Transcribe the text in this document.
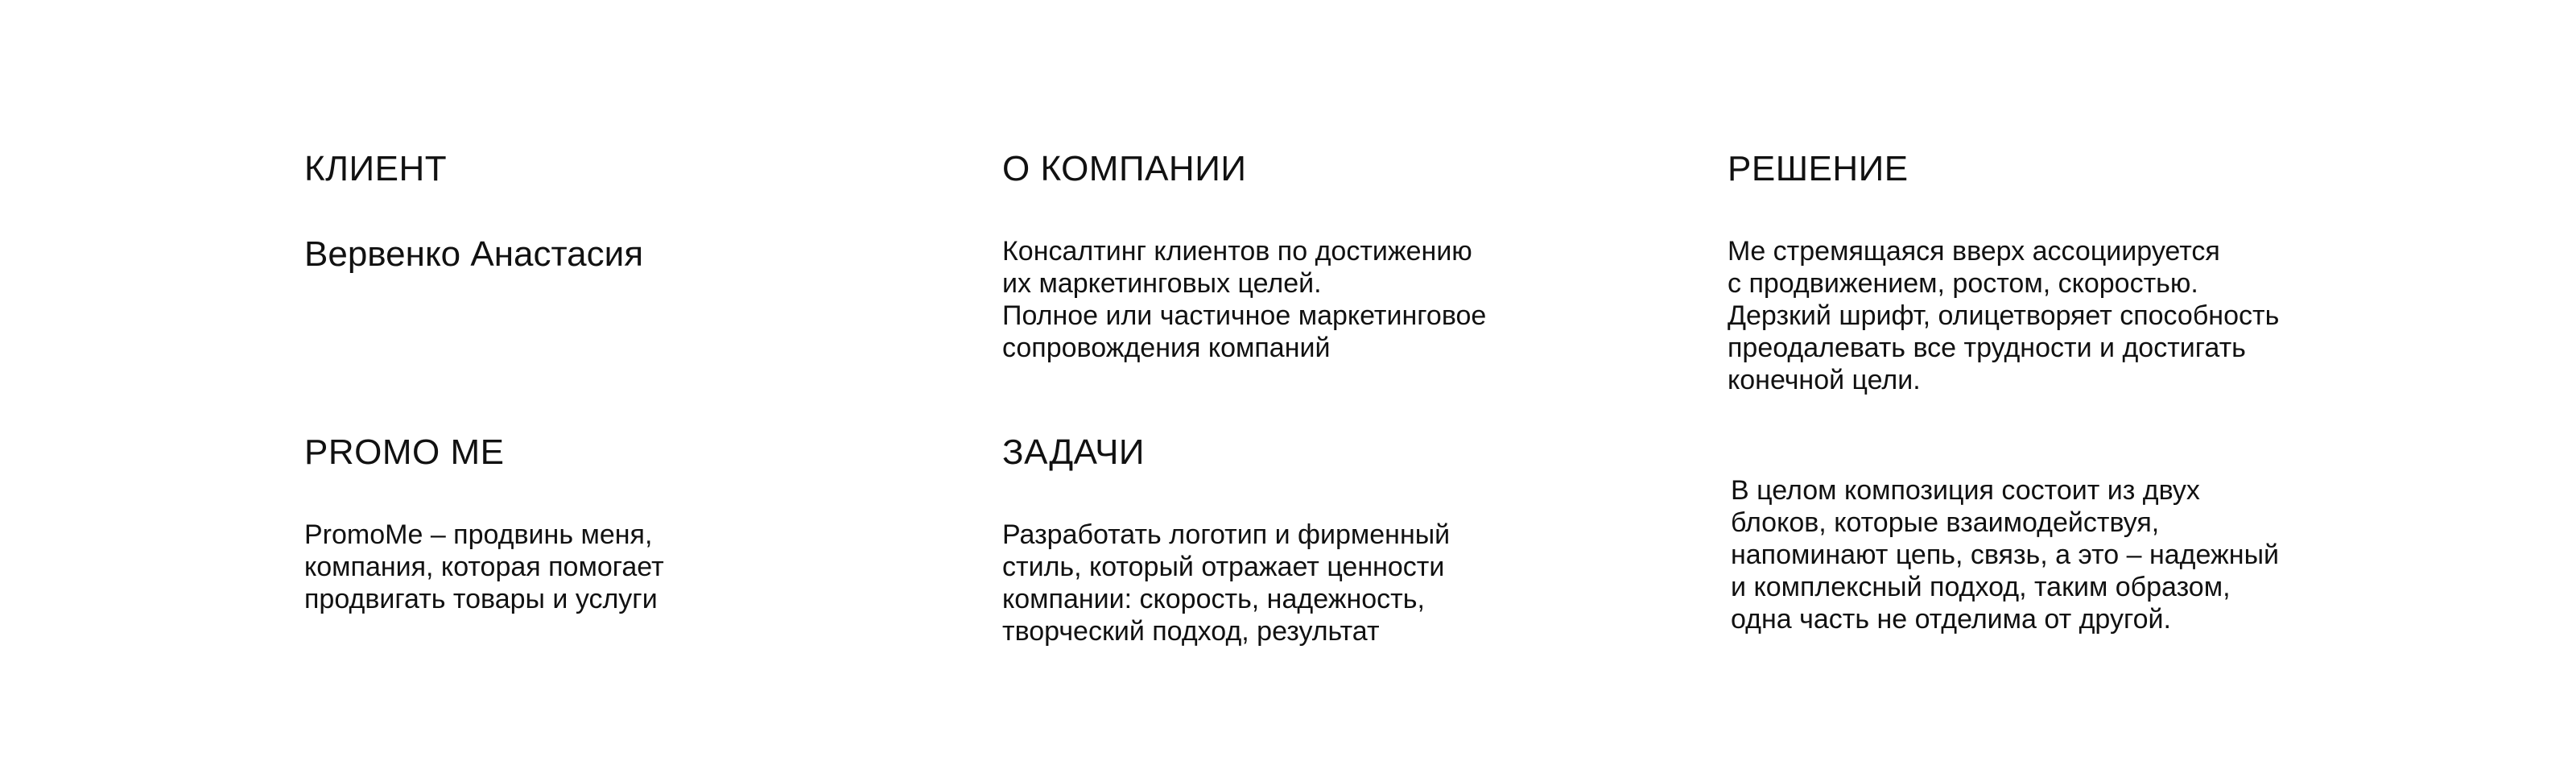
КЛИЕНТ

Вервенко Анастасия

О КОМПАНИИ

Консалтинг клиентов по достижению
их маркетинговых целей.
Полное или частичное маркетинговое
сопровождения компаний

РЕШЕНИЕ

Me стремящаяся вверх ассоциируется
с продвижением, ростом, скоростью.
Дерзкий шрифт, олицетворяет способность
преодалевать все трудности и достигать
конечной цели.

PROMO ME

PromoMe – продвинь меня,
компания, которая помогает
продвигать товары и услуги

ЗАДАЧИ

Разработать логотип и фирменный
стиль, который отражает ценности
компании: скорость, надежность,
творческий подход, результат

В целом композиция состоит из двух
блоков, которые взаимодействуя,
напоминают цепь, связь, а это – надежный
и комплексный подход, таким образом,
одна часть не отделима от другой.
